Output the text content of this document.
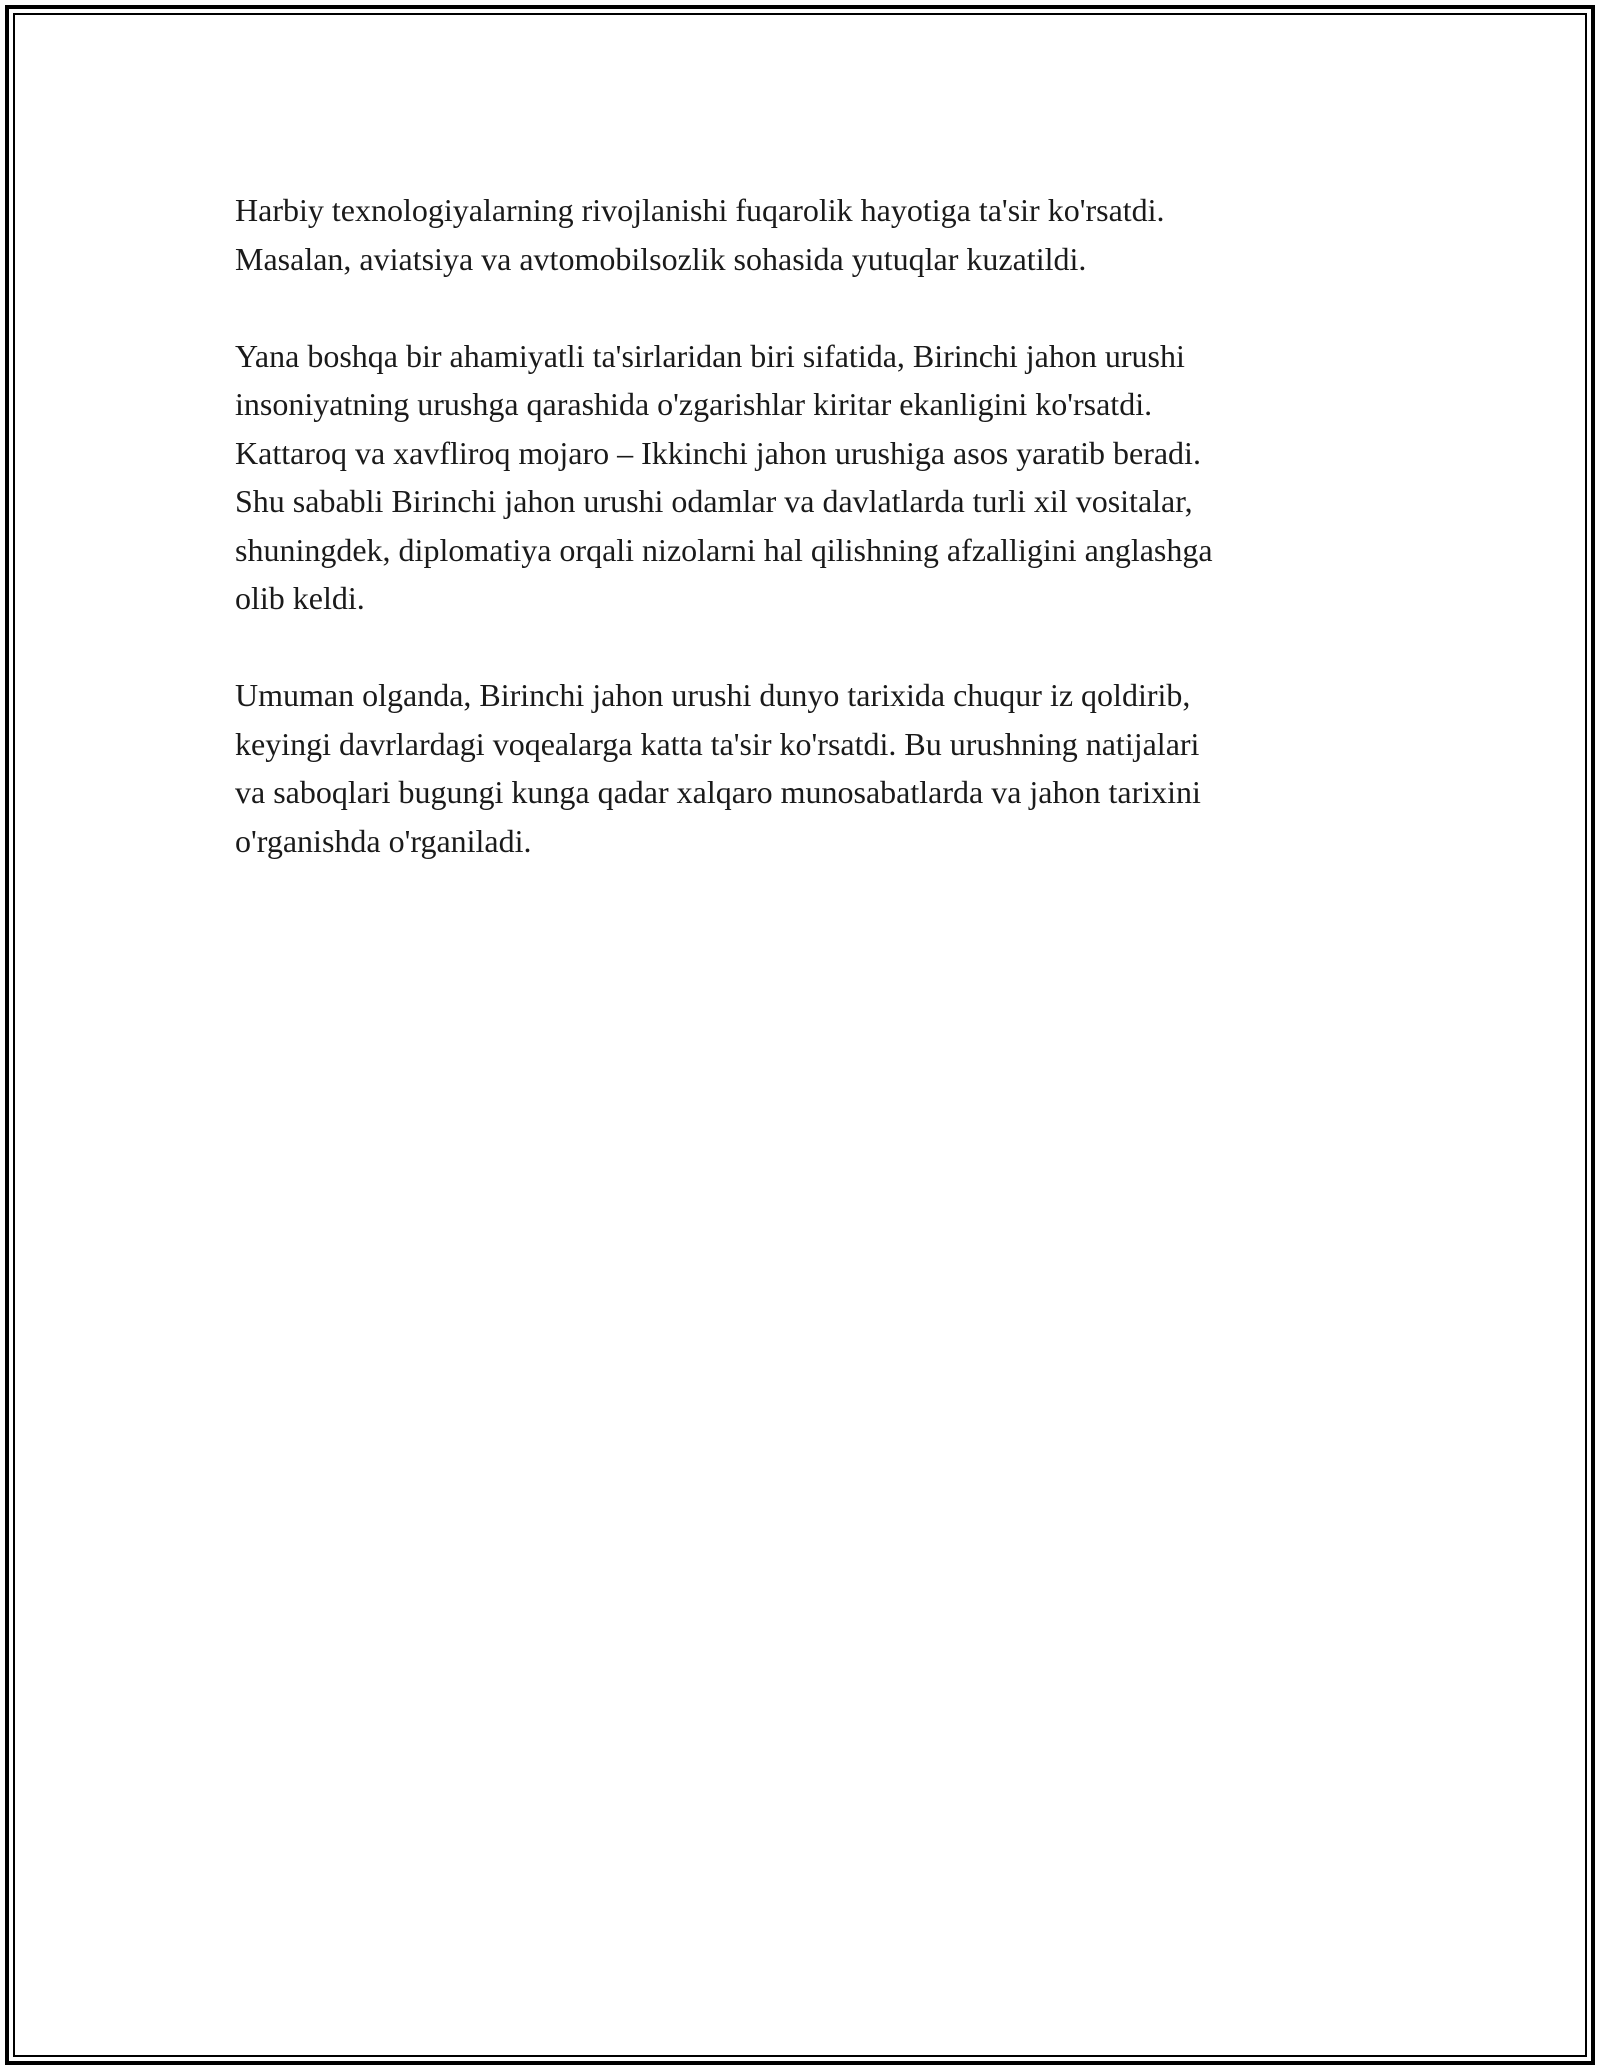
Harbiy texnologiyalarning rivojlanishi fuqarolik hayotiga ta'sir ko'rsatdi.
Masalan, aviatsiya va avtomobilsozlik sohasida yutuqlar kuzatildi.

Yana boshqa bir ahamiyatli ta'sirlaridan biri sifatida, Birinchi jahon urushi
insoniyatning urushga qarashida o'zgarishlar kiritar ekanligini ko'rsatdi.
Kattaroq va xavfliroq mojaro – Ikkinchi jahon urushiga asos yaratib beradi.
Shu sababli Birinchi jahon urushi odamlar va davlatlarda turli xil vositalar,
shuningdek, diplomatiya orqali nizolarni hal qilishning afzalligini anglashga
olib keldi.

Umuman olganda, Birinchi jahon urushi dunyo tarixida chuqur iz qoldirib,
keyingi davrlardagi voqealarga katta ta'sir ko'rsatdi. Bu urushning natijalari
va saboqlari bugungi kunga qadar xalqaro munosabatlarda va jahon tarixini
o'rganishda o'rganiladi.
